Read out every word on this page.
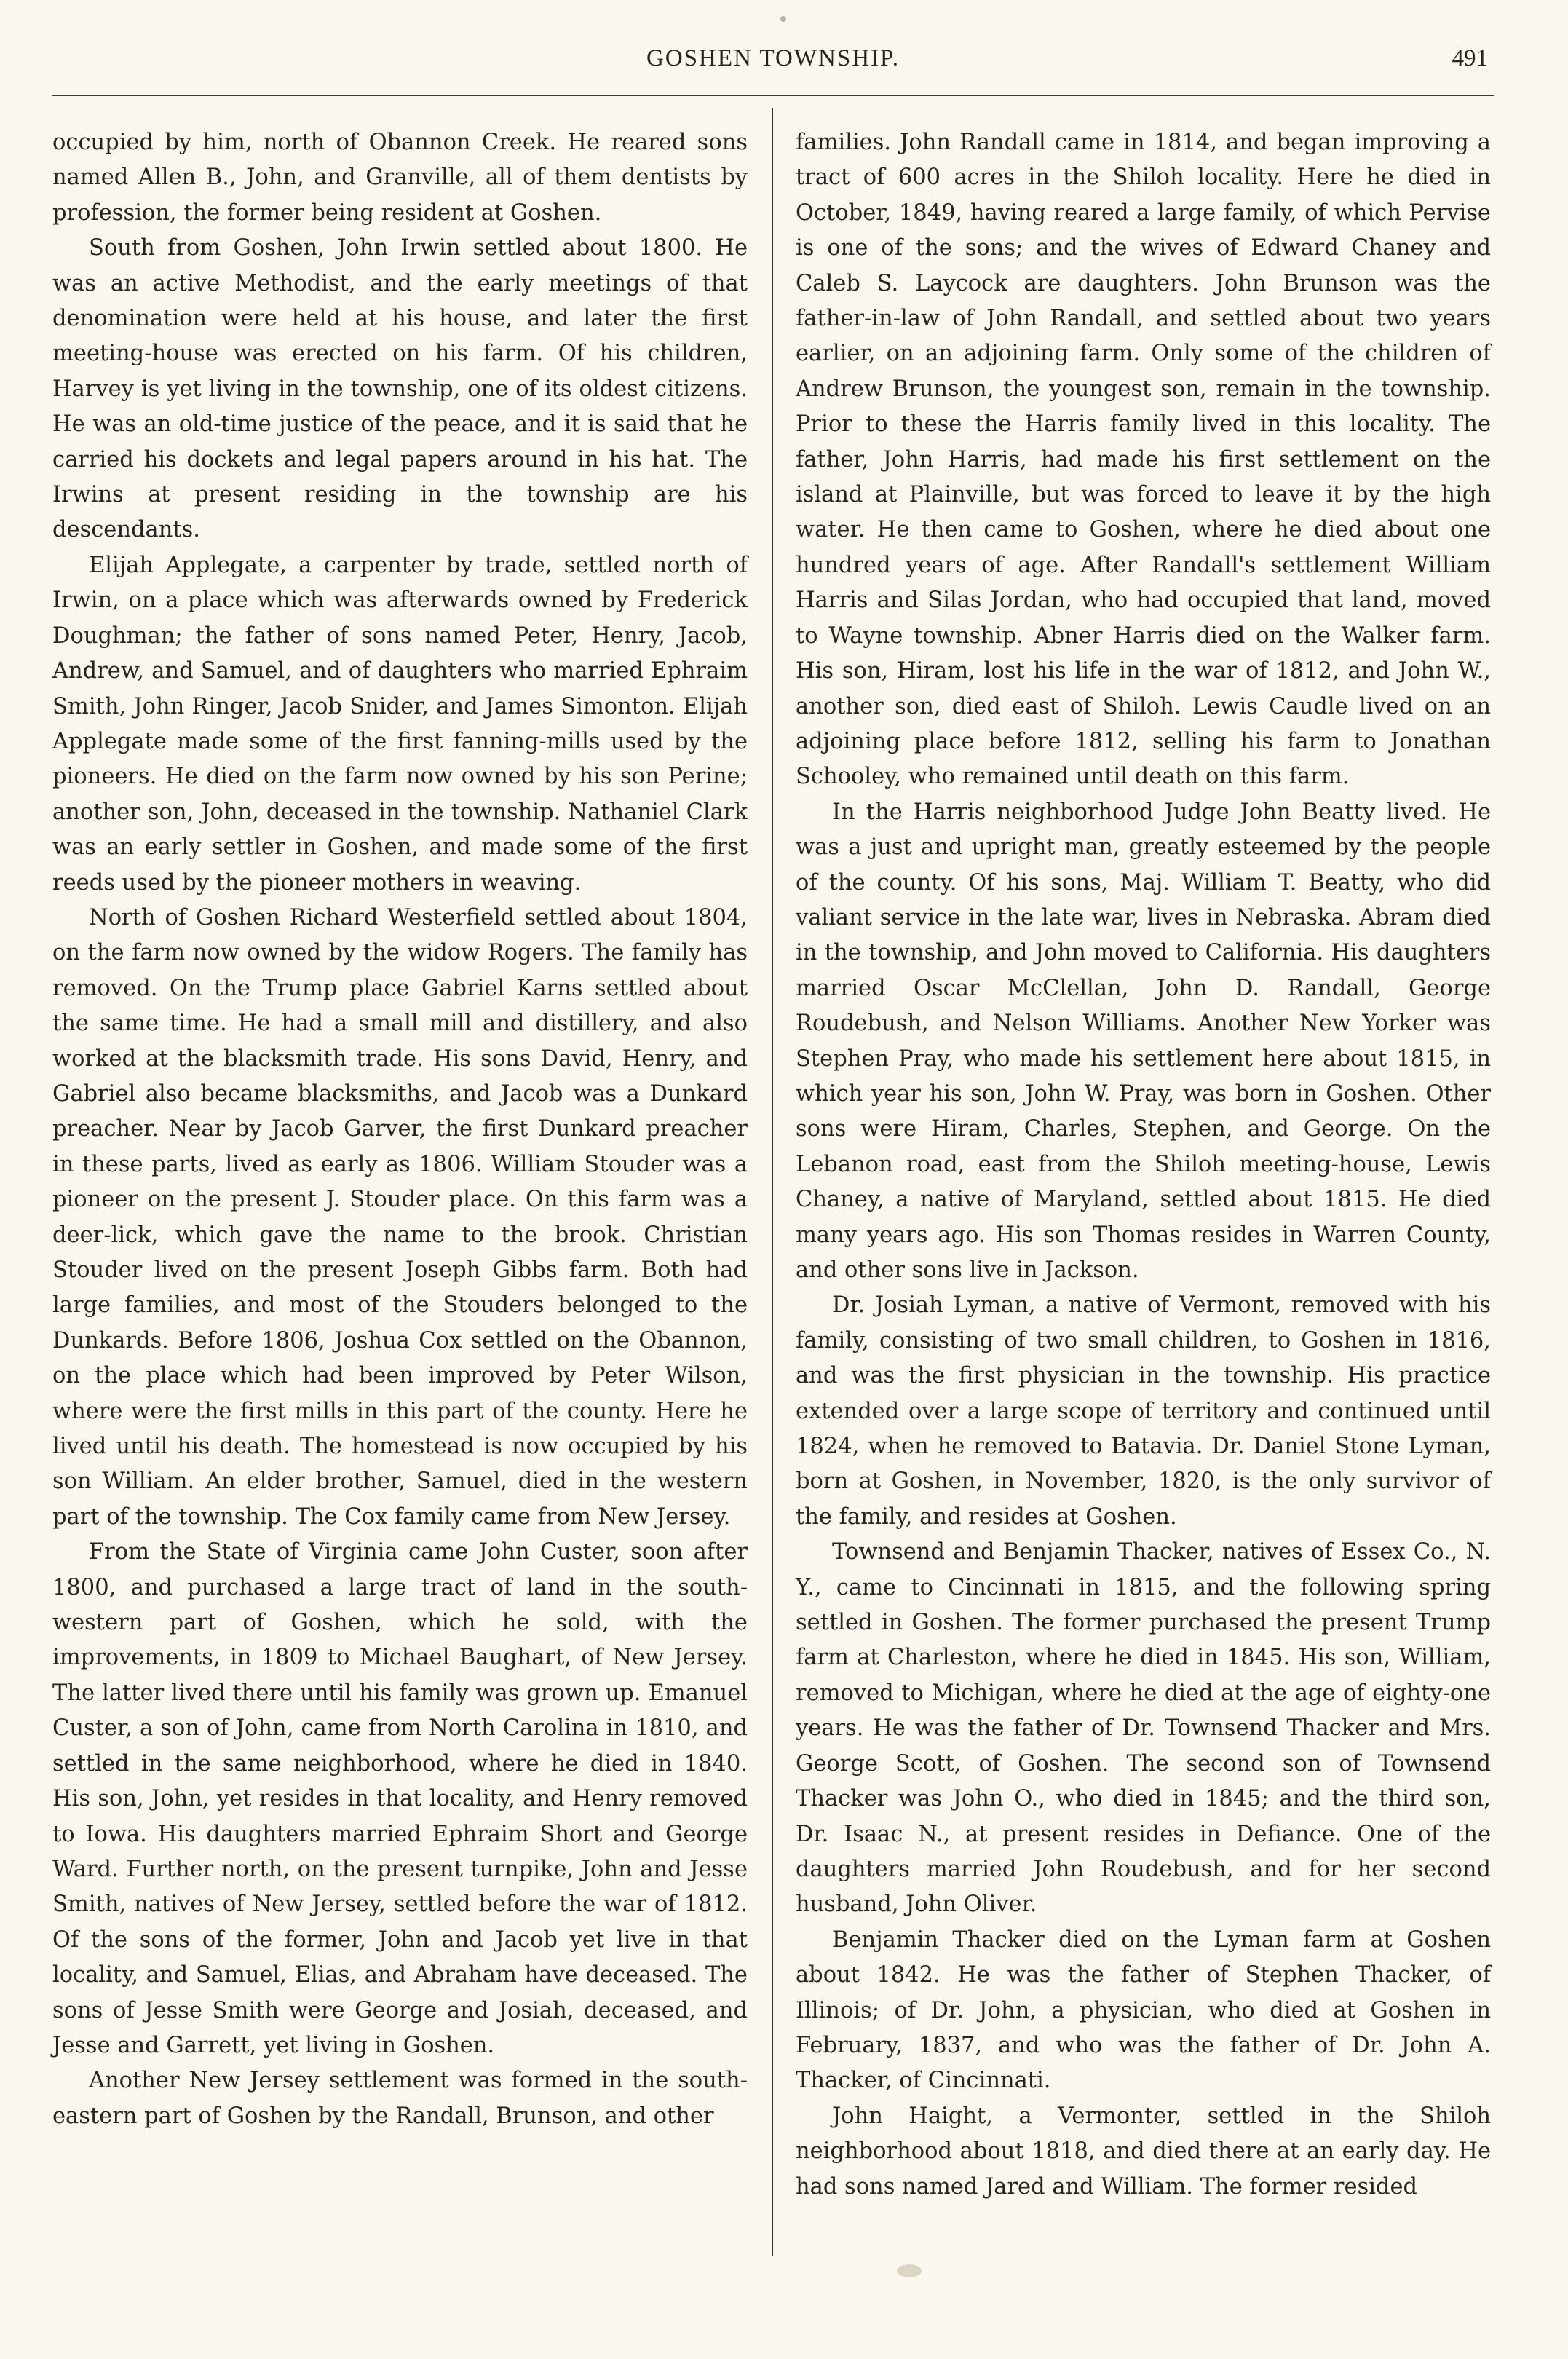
GOSHEN TOWNSHIP.	491

occupied by him, north of Obannon Creek. He reared sons named Allen B., John, and Granville, all of them dentists by profession, the former being resident at Goshen.

South from Goshen, John Irwin settled about 1800. He was an active Methodist, and the early meetings of that denomination were held at his house, and later the first meeting-house was erected on his farm. Of his children, Harvey is yet living in the township, one of its oldest citizens. He was an old-time justice of the peace, and it is said that he carried his dockets and legal papers around in his hat. The Irwins at present residing in the township are his descendants.

Elijah Applegate, a carpenter by trade, settled north of Irwin, on a place which was afterwards owned by Frederick Doughman; the father of sons named Peter, Henry, Jacob, Andrew, and Samuel, and of daughters who married Ephraim Smith, John Ringer, Jacob Snider, and James Simonton. Elijah Applegate made some of the first fanning-mills used by the pioneers. He died on the farm now owned by his son Perine; another son, John, deceased in the township. Nathaniel Clark was an early settler in Goshen, and made some of the first reeds used by the pioneer mothers in weaving.

North of Goshen Richard Westerfield settled about 1804, on the farm now owned by the widow Rogers. The family has removed. On the Trump place Gabriel Karns settled about the same time. He had a small mill and distillery, and also worked at the blacksmith trade. His sons David, Henry, and Gabriel also became blacksmiths, and Jacob was a Dunkard preacher. Near by Jacob Garver, the first Dunkard preacher in these parts, lived as early as 1806. William Stouder was a pioneer on the present J. Stouder place. On this farm was a deer-lick, which gave the name to the brook. Christian Stouder lived on the present Joseph Gibbs farm. Both had large families, and most of the Stouders belonged to the Dunkards. Before 1806, Joshua Cox settled on the Obannon, on the place which had been improved by Peter Wilson, where were the first mills in this part of the county. Here he lived until his death. The homestead is now occupied by his son William. An elder brother, Samuel, died in the western part of the township. The Cox family came from New Jersey.

From the State of Virginia came John Custer, soon after 1800, and purchased a large tract of land in the south-western part of Goshen, which he sold, with the improvements, in 1809 to Michael Baughart, of New Jersey. The latter lived there until his family was grown up. Emanuel Custer, a son of John, came from North Carolina in 1810, and settled in the same neighborhood, where he died in 1840. His son, John, yet resides in that locality, and Henry removed to Iowa. His daughters married Ephraim Short and George Ward. Further north, on the present turnpike, John and Jesse Smith, natives of New Jersey, settled before the war of 1812. Of the sons of the former, John and Jacob yet live in that locality, and Samuel, Elias, and Abraham have deceased. The sons of Jesse Smith were George and Josiah, deceased, and Jesse and Garrett, yet living in Goshen.

Another New Jersey settlement was formed in the south-eastern part of Goshen by the Randall, Brunson, and other

families. John Randall came in 1814, and began improving a tract of 600 acres in the Shiloh locality. Here he died in October, 1849, having reared a large family, of which Pervise is one of the sons; and the wives of Edward Chaney and Caleb S. Laycock are daughters. John Brunson was the father-in-law of John Randall, and settled about two years earlier, on an adjoining farm. Only some of the children of Andrew Brunson, the youngest son, remain in the township. Prior to these the Harris family lived in this locality. The father, John Harris, had made his first settlement on the island at Plainville, but was forced to leave it by the high water. He then came to Goshen, where he died about one hundred years of age. After Randall's settlement William Harris and Silas Jordan, who had occupied that land, moved to Wayne township. Abner Harris died on the Walker farm. His son, Hiram, lost his life in the war of 1812, and John W., another son, died east of Shiloh. Lewis Caudle lived on an adjoining place before 1812, selling his farm to Jonathan Schooley, who remained until death on this farm.

In the Harris neighborhood Judge John Beatty lived. He was a just and upright man, greatly esteemed by the people of the county. Of his sons, Maj. William T. Beatty, who did valiant service in the late war, lives in Nebraska. Abram died in the township, and John moved to California. His daughters married Oscar McClellan, John D. Randall, George Roudebush, and Nelson Williams. Another New Yorker was Stephen Pray, who made his settlement here about 1815, in which year his son, John W. Pray, was born in Goshen. Other sons were Hiram, Charles, Stephen, and George. On the Lebanon road, east from the Shiloh meeting-house, Lewis Chaney, a native of Maryland, settled about 1815. He died many years ago. His son Thomas resides in Warren County, and other sons live in Jackson.

Dr. Josiah Lyman, a native of Vermont, removed with his family, consisting of two small children, to Goshen in 1816, and was the first physician in the township. His practice extended over a large scope of territory and continued until 1824, when he removed to Batavia. Dr. Daniel Stone Lyman, born at Goshen, in November, 1820, is the only survivor of the family, and resides at Goshen.

Townsend and Benjamin Thacker, natives of Essex Co., N. Y., came to Cincinnati in 1815, and the following spring settled in Goshen. The former purchased the present Trump farm at Charleston, where he died in 1845. His son, William, removed to Michigan, where he died at the age of eighty-one years. He was the father of Dr. Townsend Thacker and Mrs. George Scott, of Goshen. The second son of Townsend Thacker was John O., who died in 1845; and the third son, Dr. Isaac N., at present resides in Defiance. One of the daughters married John Roudebush, and for her second husband, John Oliver.

Benjamin Thacker died on the Lyman farm at Goshen about 1842. He was the father of Stephen Thacker, of Illinois; of Dr. John, a physician, who died at Goshen in February, 1837, and who was the father of Dr. John A. Thacker, of Cincinnati.

John Haight, a Vermonter, settled in the Shiloh neighborhood about 1818, and died there at an early day. He had sons named Jared and William. The former resided
